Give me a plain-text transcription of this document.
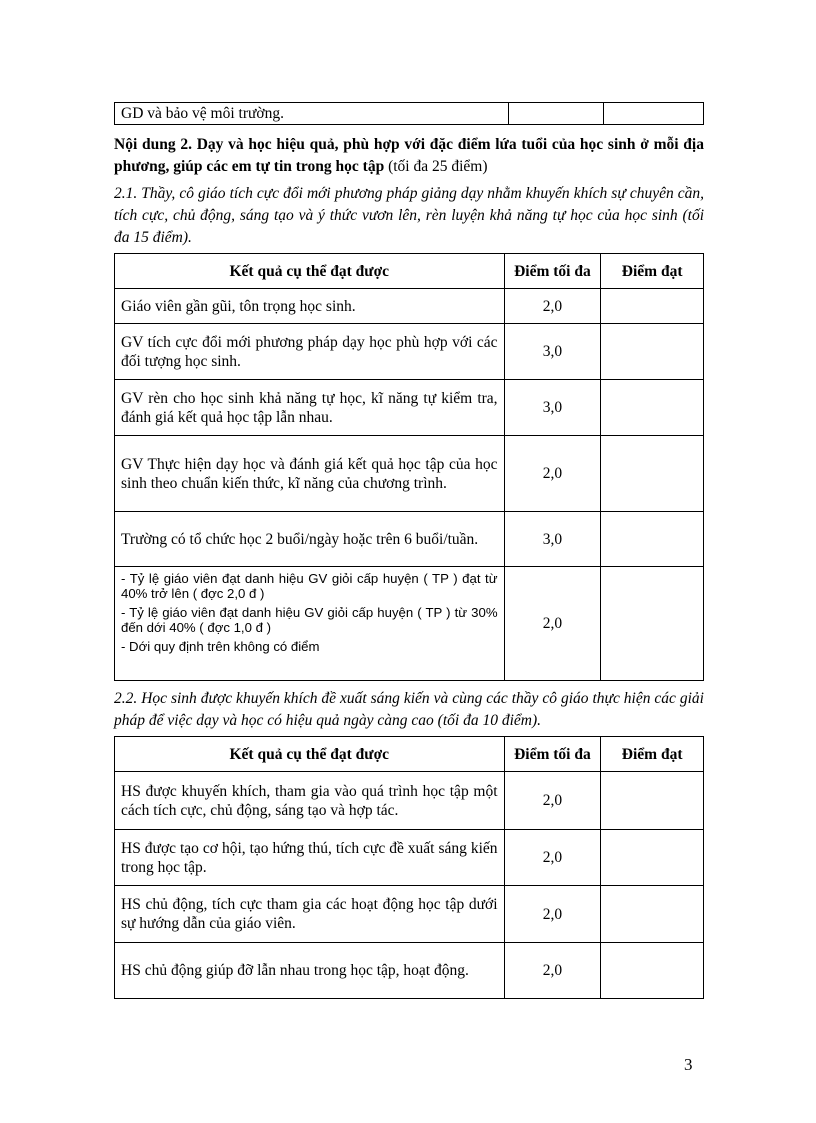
GD và bảo vệ môi trường.		
Nội dung 2. Dạy và học hiệu quả, phù hợp với đặc điểm lứa tuổi của học sinh ở mỗi địa phương, giúp các em tự tin trong học tập (tối đa 25 điểm)
2.1. Thầy, cô giáo tích cực đổi mới phương pháp giảng dạy nhằm khuyến khích sự chuyên cần, tích cực, chủ động, sáng tạo và ý thức vươn lên, rèn luyện khả năng tự học của học sinh (tối đa 15 điểm).
Kết quả cụ thể đạt được	Điểm tối đa	Điểm đạt
Giáo viên gần gũi, tôn trọng học sinh.	2,0	
GV tích cực đổi mới phương pháp dạy học phù hợp với các đối tượng học sinh.	3,0	
GV rèn cho học sinh khả năng tự học, kĩ năng tự kiểm tra, đánh giá kết quả học tập lẫn nhau.	3,0	
GV Thực hiện dạy học và đánh giá kết quả học tập của học sinh theo chuẩn kiến thức, kĩ năng của chương trình.	2,0	
Trường có tổ chức học 2 buổi/ngày hoặc trên 6 buổi/tuần.	3,0	

- Tỷ lệ giáo viên đạt danh hiệu GV giỏi cấp huyện ( TP ) đạt từ 40% trở lên ( đợc 2,0 đ )
- Tỷ lệ giáo viên đạt danh hiệu GV giỏi cấp huyện ( TP ) từ 30% đến dới 40% ( đợc 1,0 đ )
- Dới quy định trên không có điểm	2,0	
2.2. Học sinh được khuyến khích đề xuất sáng kiến và cùng các thầy cô giáo thực hiện các giải pháp để việc dạy và học có hiệu quả ngày càng cao (tối đa 10 điểm).
Kết quả cụ thể đạt được	Điểm tối đa	Điểm đạt
HS được khuyến khích, tham gia vào quá trình học tập một cách tích cực, chủ động, sáng tạo và hợp tác.	2,0	
HS được tạo cơ hội, tạo hứng thú, tích cực đề xuất sáng kiến trong học tập.	2,0	
HS chủ động, tích cực tham gia các hoạt động học tập dưới sự hướng dẫn của giáo viên.	2,0	
HS chủ động giúp đỡ lẫn nhau trong học tập, hoạt động.	2,0	
3
